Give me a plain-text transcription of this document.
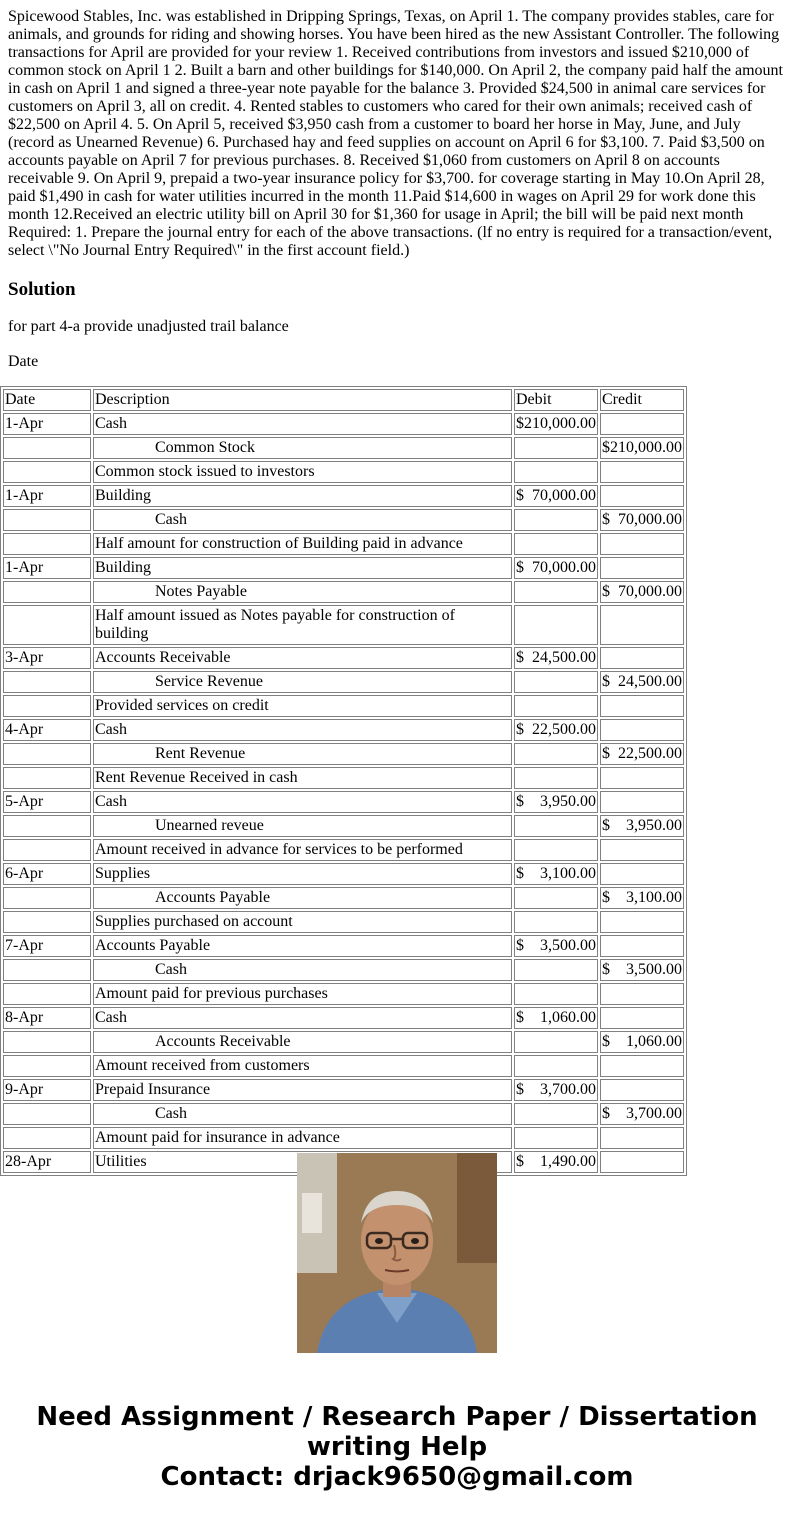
Spicewood Stables, Inc. was established in Dripping Springs, Texas, on April 1. The company provides stables, care for animals, and grounds for riding and showing horses. You have been hired as the new Assistant Controller. The following transactions for April are provided for your review 1. Received contributions from investors and issued $210,000 of common stock on April 1 2. Built a barn and other buildings for $140,000. On April 2, the company paid half the amount in cash on April 1 and signed a three-year note payable for the balance 3. Provided $24,500 in animal care services for customers on April 3, all on credit. 4. Rented stables to customers who cared for their own animals; received cash of $22,500 on April 4. 5. On April 5, received $3,950 cash from a customer to board her horse in May, June, and July (record as Unearned Revenue) 6. Purchased hay and feed supplies on account on April 6 for $3,100. 7. Paid $3,500 on accounts payable on April 7 for previous purchases. 8. Received $1,060 from customers on April 8 on accounts receivable 9. On April 9, prepaid a two-year insurance policy for $3,700. for coverage starting in May 10.On April 28, paid $1,490 in cash for water utilities incurred in the month 11.Paid $14,600 in wages on April 29 for work done this month 12.Received an electric utility bill on April 30 for $1,360 for usage in April; the bill will be paid next month Required: 1. Prepare the journal entry for each of the above transactions. (lf no entry is required for a transaction/event, select \"No Journal Entry Required\" in the first account field.)

Solution

for part 4-a provide unadjusted trail balance

Date

Date	Description	Debit	Credit
1-Apr	Cash	$210,000.00	

	Common Stock		$210,000.00

	Common stock issued to investors		
1-Apr	Building	$ 70,000.00	

	Cash		$ 70,000.00

	Half amount for construction of Building paid in advance		
1-Apr	Building	$ 70,000.00	

	Notes Payable		$ 70,000.00

	Half amount issued as Notes payable for construction of building		
3-Apr	Accounts Receivable	$ 24,500.00	

	Service Revenue		$ 24,500.00

	Provided services on credit		
4-Apr	Cash	$ 22,500.00	

	Rent Revenue		$ 22,500.00

	Rent Revenue Received in cash		
5-Apr	Cash	$ 3,950.00	

	Unearned reveue		$ 3,950.00

	Amount received in advance for services to be performed		
6-Apr	Supplies	$ 3,100.00	

	Accounts Payable		$ 3,100.00

	Supplies purchased on account		
7-Apr	Accounts Payable	$ 3,500.00	

	Cash		$ 3,500.00

	Amount paid for previous purchases		
8-Apr	Cash	$ 1,060.00	

	Accounts Receivable		$ 1,060.00

	Amount received from customers		
9-Apr	Prepaid Insurance	$ 3,700.00	

	Cash		$ 3,700.00

	Amount paid for insurance in advance		
28-Apr	Utilities	$ 1,490.00	

Need Assignment / Research Paper / Dissertation
writing Help
Contact: drjack9650@gmail.com
